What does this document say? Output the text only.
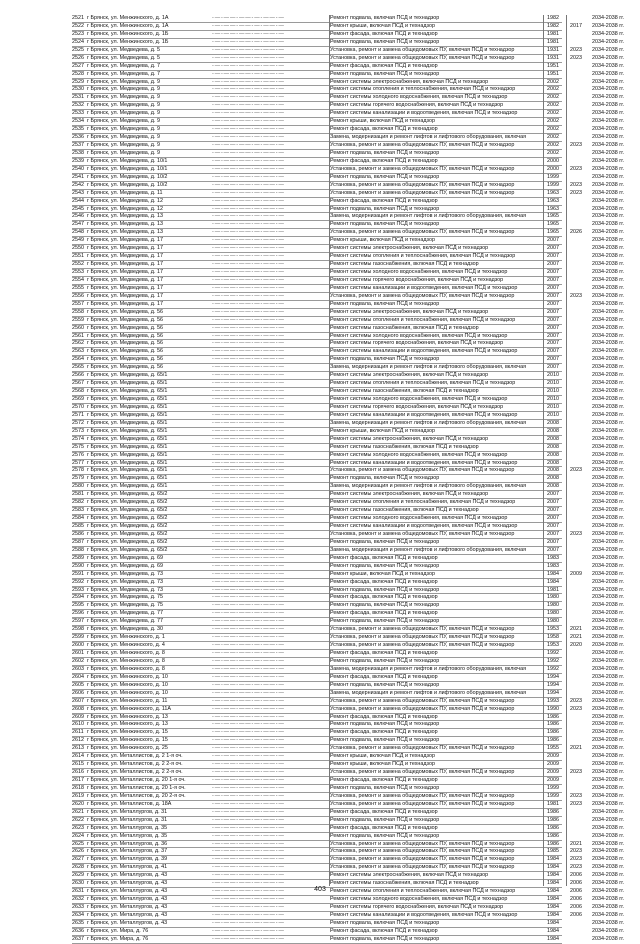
2521 г Брянск, ул. Менжинского, д. 1А	Ремонт подвала, включая ПСД и технадзор	1982	2034-2038 гг.
- — - — — - — — - — - — — - —
2522 г Брянск, ул. Менжинского, д. 1А	Ремонт крыши, включая ПСД и технадзор	1982	2017	2034-2038 гг.
- — - — — - — — - — - — — - —
2523 г Брянск, ул. Менжинского, д. 1Б	Ремонт фасада, включая ПСД и технадзор	1981	2034-2038 гг.
- — - — — - — — - — - — — - —
2524 г Брянск, ул. Менжинского, д. 1Б	Ремонт подвала, включая ПСД и технадзор	1981	2034-2038 гг.
- — - — — - — — - — - — — - —
2525 г Брянск, ул. Медведева, д. 5	Установка, ремонт и замена общедомовых ПУ, включая ПСД и технадзор	1931	2023	2034-2038 гг.
- — - — — - — — - — - — — - —
2526 г Брянск, ул. Медведева, д. 5	Установка, ремонт и замена общедомовых ПУ, включая ПСД и технадзор	1931	2023	2034-2038 гг.
- — - — — - — — - — - — — - —
2527 г Брянск, ул. Медведева, д. 7	Ремонт фасада, включая ПСД и технадзор	1951	2034-2038 гг.
- — - — — - — — - — - — — - —
2528 г Брянск, ул. Медведева, д. 7	Ремонт подвала, включая ПСД и технадзор	1951	2034-2038 гг.
- — - — — - — — - — - — — - —
2529 г Брянск, ул. Медведева, д. 9	Ремонт системы электроснабжения, включая ПСД и технадзор	2002	2034-2038 гг.
- — - — — - — — - — - — — - —
2530 г Брянск, ул. Медведева, д. 9	Ремонт системы отопления и теплоснабжения, включая ПСД и технадзор	2002	2034-2038 гг.
- — - — — - — — - — - — — - —
2531 г Брянск, ул. Медведева, д. 9	Ремонт системы холодного водоснабжения, включая ПСД и технадзор	2002	2034-2038 гг.
- — - — — - — — - — - — — - —
2532 г Брянск, ул. Медведева, д. 9	Ремонт системы горячего водоснабжения, включая ПСД и технадзор	2002	2034-2038 гг.
- — - — — - — — - — - — — - —
2533 г Брянск, ул. Медведева, д. 9	Ремонт системы канализации и водоотведения, включая ПСД и технадзор	2002	2034-2038 гг.
- — - — — - — — - — - — — - —
2534 г Брянск, ул. Медведева, д. 9	Ремонт крыши, включая ПСД и технадзор	2002	2034-2038 гг.
- — - — — - — — - — - — — - —
2535 г Брянск, ул. Медведева, д. 9	Ремонт фасада, включая ПСД и технадзор	2002	2034-2038 гг.
- — - — — - — — - — - — — - —
2536 г Брянск, ул. Медведева, д. 9	Замена, модернизация и ремонт лифтов и лифтового оборудования, включая	2002	2034-2038 гг.
- — - — — - — — - — - — — - —
2537 г Брянск, ул. Медведева, д. 9	Установка, ремонт и замена общедомовых ПУ, включая ПСД и технадзор	2002	2023	2034-2038 гг.
- — - — — - — — - — - — — - —
2538 г Брянск, ул. Медведева, д. 9	Ремонт подвала, включая ПСД и технадзор	2002	2034-2038 гг.
- — - — — - — — - — - — — - —
2539 г Брянск, ул. Медведева, д. 10/1	Ремонт фасада, включая ПСД и технадзор	2000	2034-2038 гг.
- — - — — - — — - — - — — - —
2540 г Брянск, ул. Медведева, д. 10/1	Установка, ремонт и замена общедомовых ПУ, включая ПСД и технадзор	2000	2023	2034-2038 гг.
- — - — — - — — - — - — — - —
2541 г Брянск, ул. Медведева, д. 10/2	Ремонт подвала, включая ПСД и технадзор	1999	2034-2038 гг.
- — - — — - — — - — - — — - —
2542 г Брянск, ул. Медведева, д. 10/2	Установка, ремонт и замена общедомовых ПУ, включая ПСД и технадзор	1999	2023	2034-2038 гг.
- — - — — - — — - — - — — - —
2543 г Брянск, ул. Медведева, д. 11	Установка, ремонт и замена общедомовых ПУ, включая ПСД и технадзор	1963	2023	2034-2038 гг.
- — - — — - — — - — - — — - —
2544 г Брянск, ул. Медведева, д. 12	Ремонт фасада, включая ПСД и технадзор	1963	2034-2038 гг.
- — - — — - — — - — - — — - —
2545 г Брянск, ул. Медведева, д. 12	Ремонт подвала, включая ПСД и технадзор	1963	2034-2038 гг.
- — - — — - — — - — - — — - —
2546 г Брянск, ул. Медведева, д. 13	Замена, модернизация и ремонт лифтов и лифтового оборудования, включая	1965	2034-2038 гг.
- — - — — - — — - — - — — - —
2547 г Брянск, ул. Медведева, д. 13	Ремонт подвала, включая ПСД и технадзор	1965	2034-2038 гг.
- — - — — - — — - — - — — - —
2548 г Брянск, ул. Медведева, д. 13	Установка, ремонт и замена общедомовых ПУ, включая ПСД и технадзор	1965	2026	2034-2038 гг.
- — - — — - — — - — - — — - —
2549 г Брянск, ул. Медведева, д. 17	Ремонт крыши, включая ПСД и технадзор	2007	2034-2038 гг.
- — - — — - — — - — - — — - —
2550 г Брянск, ул. Медведева, д. 17	Ремонт системы электроснабжения, включая ПСД и технадзор	2007	2034-2038 гг.
- — - — — - — — - — - — — - —
2551 г Брянск, ул. Медведева, д. 17	Ремонт системы отопления и теплоснабжения, включая ПСД и технадзор	2007	2034-2038 гг.
- — - — — - — — - — - — — - —
2552 г Брянск, ул. Медведева, д. 17	Ремонт системы газоснабжения, включая ПСД и технадзор	2007	2034-2038 гг.
- — - — — - — — - — - — — - —
2553 г Брянск, ул. Медведева, д. 17	Ремонт системы холодного водоснабжения, включая ПСД и технадзор	2007	2034-2038 гг.
- — - — — - — — - — - — — - —
2554 г Брянск, ул. Медведева, д. 17	Ремонт системы горячего водоснабжения, включая ПСД и технадзор	2007	2034-2038 гг.
- — - — — - — — - — - — — - —
2555 г Брянск, ул. Медведева, д. 17	Ремонт системы канализации и водоотведения, включая ПСД и технадзор	2007	2034-2038 гг.
- — - — — - — — - — - — — - —
2556 г Брянск, ул. Медведева, д. 17	Установка, ремонт и замена общедомовых ПУ, включая ПСД и технадзор	2007	2023	2034-2038 гг.
- — - — — - — — - — - — — - —
2557 г Брянск, ул. Медведева, д. 17	Ремонт подвала, включая ПСД и технадзор	2007	2034-2038 гг.
- — - — — - — — - — - — — - —
2558 г Брянск, ул. Медведева, д. 56	Ремонт системы электроснабжения, включая ПСД и технадзор	2007	2034-2038 гг.
- — - — — - — — - — - — — - —
2559 г Брянск, ул. Медведева, д. 56	Ремонт системы отопления и теплоснабжения, включая ПСД и технадзор	2007	2034-2038 гг.
- — - — — - — — - — - — — - —
2560 г Брянск, ул. Медведева, д. 56	Ремонт системы газоснабжения, включая ПСД и технадзор	2007	2034-2038 гг.
- — - — — - — — - — - — — - —
2561 г Брянск, ул. Медведева, д. 56	Ремонт системы холодного водоснабжения, включая ПСД и технадзор	2007	2034-2038 гг.
- — - — — - — — - — - — — - —
2562 г Брянск, ул. Медведева, д. 56	Ремонт системы горячего водоснабжения, включая ПСД и технадзор	2007	2034-2038 гг.
- — - — — - — — - — - — — - —
2563 г Брянск, ул. Медведева, д. 56	Ремонт системы канализации и водоотведения, включая ПСД и технадзор	2007	2034-2038 гг.
- — - — — - — — - — - — — - —
2564 г Брянск, ул. Медведева, д. 56	Ремонт подвала, включая ПСД и технадзор	2007	2034-2038 гг.
- — - — — - — — - — - — — - —
2565 г Брянск, ул. Медведева, д. 56	Замена, модернизация и ремонт лифтов и лифтового оборудования, включая	2007	2034-2038 гг.
- — - — — - — — - — - — — - —
2566 г Брянск, ул. Медведева, д. 65/1	Ремонт системы электроснабжения, включая ПСД и технадзор	2010	2034-2038 гг.
- — - — — - — — - — - — — - —
2567 г Брянск, ул. Медведева, д. 65/1	Ремонт системы отопления и теплоснабжения, включая ПСД и технадзор	2010	2034-2038 гг.
- — - — — - — — - — - — — - —
2568 г Брянск, ул. Медведева, д. 65/1	Ремонт системы газоснабжения, включая ПСД и технадзор	2010	2034-2038 гг.
- — - — — - — — - — - — — - —
2569 г Брянск, ул. Медведева, д. 65/1	Ремонт системы холодного водоснабжения, включая ПСД и технадзор	2010	2034-2038 гг.
- — - — — - — — - — - — — - —
2570 г Брянск, ул. Медведева, д. 65/1	Ремонт системы горячего водоснабжения, включая ПСД и технадзор	2010	2034-2038 гг.
- — - — — - — — - — - — — - —
2571 г Брянск, ул. Медведева, д. 65/1	Ремонт системы канализации и водоотведения, включая ПСД и технадзор	2010	2034-2038 гг.
- — - — — - — — - — - — — - —
2572 г Брянск, ул. Медведева, д. 65/1	Замена, модернизация и ремонт лифтов и лифтового оборудования, включая	2008	2034-2038 гг.
- — - — — - — — - — - — — - —
2573 г Брянск, ул. Медведева, д. 65/1	Ремонт крыши, включая ПСД и технадзор	2008	2034-2038 гг.
- — - — — - — — - — - — — - —
2574 г Брянск, ул. Медведева, д. 65/1	Ремонт системы электроснабжения, включая ПСД и технадзор	2008	2034-2038 гг.
- — - — — - — — - — - — — - —
2575 г Брянск, ул. Медведева, д. 65/1	Ремонт системы газоснабжения, включая ПСД и технадзор	2008	2034-2038 гг.
- — - — — - — — - — - — — - —
2576 г Брянск, ул. Медведева, д. 65/1	Ремонт системы холодного водоснабжения, включая ПСД и технадзор	2008	2034-2038 гг.
- — - — — - — — - — - — — - —
2577 г Брянск, ул. Медведева, д. 65/1	Ремонт системы канализации и водоотведения, включая ПСД и технадзор	2008	2034-2038 гг.
- — - — — - — — - — - — — - —
2578 г Брянск, ул. Медведева, д. 65/1	Установка, ремонт и замена общедомовых ПУ, включая ПСД и технадзор	2008	2023	2034-2038 гг.
- — - — — - — — - — - — — - —
2579 г Брянск, ул. Медведева, д. 65/1	Ремонт подвала, включая ПСД и технадзор	2008	2034-2038 гг.
- — - — — - — — - — - — — - —
2580 г Брянск, ул. Медведева, д. 65/1	Замена, модернизация и ремонт лифтов и лифтового оборудования, включая	2008	2034-2038 гг.
- — - — — - — — - — - — — - —
2581 г Брянск, ул. Медведева, д. 65/2	Ремонт системы электроснабжения, включая ПСД и технадзор	2007	2034-2038 гг.
- — - — — - — — - — - — — - —
2582 г Брянск, ул. Медведева, д. 65/2	Ремонт системы отопления и теплоснабжения, включая ПСД и технадзор	2007	2034-2038 гг.
- — - — — - — — - — - — — - —
2583 г Брянск, ул. Медведева, д. 65/2	Ремонт системы газоснабжения, включая ПСД и технадзор	2007	2034-2038 гг.
- — - — — - — — - — - — — - —
2584 г Брянск, ул. Медведева, д. 65/2	Ремонт системы холодного водоснабжения, включая ПСД и технадзор	2007	2034-2038 гг.
- — - — — - — — - — - — — - —
2585 г Брянск, ул. Медведева, д. 65/2	Ремонт системы канализации и водоотведения, включая ПСД и технадзор	2007	2034-2038 гг.
- — - — — - — — - — - — — - —
2586 г Брянск, ул. Медведева, д. 65/2	Установка, ремонт и замена общедомовых ПУ, включая ПСД и технадзор	2007	2023	2034-2038 гг.
- — - — — - — — - — - — — - —
2587 г Брянск, ул. Медведева, д. 65/2	Ремонт подвала, включая ПСД и технадзор	2007	2034-2038 гг.
- — - — — - — — - — - — — - —
2588 г Брянск, ул. Медведева, д. 65/2	Замена, модернизация и ремонт лифтов и лифтового оборудования, включая	2007	2034-2038 гг.
- — - — — - — — - — - — — - —
2589 г Брянск, ул. Медведева, д. 69	Ремонт фасада, включая ПСД и технадзор	1983	2034-2038 гг.
- — - — — - — — - — - — — - —
2590 г Брянск, ул. Медведева, д. 69	Ремонт подвала, включая ПСД и технадзор	1983	2034-2038 гг.
- — - — — - — — - — - — — - —
2591 г Брянск, ул. Медведева, д. 73	Ремонт крыши, включая ПСД и технадзор	1984	2009	2034-2038 гг.
- — - — — - — — - — - — — - —
2592 г Брянск, ул. Медведева, д. 73	Ремонт фасада, включая ПСД и технадзор	1984	2034-2038 гг.
- — - — — - — — - — - — — - —
2593 г Брянск, ул. Медведева, д. 73	Ремонт подвала, включая ПСД и технадзор	1981	2034-2038 гг.
- — - — — - — — - — - — — - —
2594 г Брянск, ул. Медведева, д. 75	Ремонт фасада, включая ПСД и технадзор	1980	2034-2038 гг.
- — - — — - — — - — - — — - —
2595 г Брянск, ул. Медведева, д. 75	Ремонт подвала, включая ПСД и технадзор	1980	2034-2038 гг.
- — - — — - — — - — - — — - —
2596 г Брянск, ул. Медведева, д. 77	Ремонт фасада, включая ПСД и технадзор	1980	2034-2038 гг.
- — - — — - — — - — - — — - —
2597 г Брянск, ул. Медведева, д. 77	Ремонт подвала, включая ПСД и технадзор	1980	2034-2038 гг.
- — - — — - — — - — - — — - —
2598 г Брянск, ул. Медведева, д. 30	Установка, ремонт и замена общедомовых ПУ, включая ПСД и технадзор	1953	2021	2034-2038 гг.
- — - — — - — — - — - — — - —
2599 г Брянск, ул. Менжинского, д. 1	Установка, ремонт и замена общедомовых ПУ, включая ПСД и технадзор	1958	2021	2034-2038 гг.
- — - — — - — — - — - — — - —
2600 г Брянск, ул. Менжинского, д. 4	Установка, ремонт и замена общедомовых ПУ, включая ПСД и технадзор	1953	2020	2034-2038 гг.
- — - — — - — — - — - — — - —
2601 г Брянск, ул. Менжинского, д. 8	Ремонт фасада, включая ПСД и технадзор	1992	2034-2038 гг.
- — - — — - — — - — - — — - —
2602 г Брянск, ул. Менжинского, д. 8	Ремонт подвала, включая ПСД и технадзор	1992	2034-2038 гг.
- — - — — - — — - — - — — - —
2603 г Брянск, ул. Менжинского, д. 8	Замена, модернизация и ремонт лифтов и лифтового оборудования, включая	1992	2034-2038 гг.
- — - — — - — — - — - — — - —
2604 г Брянск, ул. Менжинского, д. 10	Ремонт фасада, включая ПСД и технадзор	1994	2034-2038 гг.
- — - — — - — — - — - — — - —
2605 г Брянск, ул. Менжинского, д. 10	Ремонт подвала, включая ПСД и технадзор	1994	2034-2038 гг.
- — - — — - — — - — - — — - —
2606 г Брянск, ул. Менжинского, д. 10	Замена, модернизация и ремонт лифтов и лифтового оборудования, включая	1994	2034-2038 гг.
- — - — — - — — - — - — — - —
2607 г Брянск, ул. Менжинского, д. 11	Установка, ремонт и замена общедомовых ПУ, включая ПСД и технадзор	1993	2023	2034-2038 гг.
- — - — — - — — - — - — — - —
2608 г Брянск, ул. Менжинского, д. 11А	Установка, ремонт и замена общедомовых ПУ, включая ПСД и технадзор	1990	2023	2034-2038 гг.
- — - — — - — — - — - — — - —
2609 г Брянск, ул. Менжинского, д. 13	Ремонт фасада, включая ПСД и технадзор	1986	2034-2038 гг.
- — - — — - — — - — - — — - —
2610 г Брянск, ул. Менжинского, д. 13	Ремонт подвала, включая ПСД и технадзор	1986	2034-2038 гг.
- — - — — - — — - — - — — - —
2611 г Брянск, ул. Менжинского, д. 15	Ремонт фасада, включая ПСД и технадзор	1986	2034-2038 гг.
- — - — — - — — - — - — — - —
2612 г Брянск, ул. Менжинского, д. 15	Ремонт подвала, включая ПСД и технадзор	1986	2034-2038 гг.
- — - — — - — — - — - — — - —
2613 г Брянск, ул. Менжинского, д. 25	Установка, ремонт и замена общедомовых ПУ, включая ПСД и технадзор	1955	2021	2034-2038 гг.
- — - — — - — — - — - — — - —
2614 г Брянск, ул. Металлистов, д. 2 1-я оч.	Ремонт крыши, включая ПСД и технадзор	2009	2034-2038 гг.
- — - — — - — — - — - — — - —
2615 г Брянск, ул. Металлистов, д. 2 2-я оч.	Ремонт крыши, включая ПСД и технадзор	2009	2034-2038 гг.
- — - — — - — — - — - — — - —
2616 г Брянск, ул. Металлистов, д. 2 2-я оч.	Установка, ремонт и замена общедомовых ПУ, включая ПСД и технадзор	2009	2023	2034-2038 гг.
- — - — — - — — - — - — — - —
2617 г Брянск, ул. Металлистов, д. 20 1-я оч.	Ремонт фасада, включая ПСД и технадзор	2009	2034-2038 гг.
- — - — — - — — - — - — — - —
2618 г Брянск, ул. Металлистов, д. 20 1-я оч.	Ремонт подвала, включая ПСД и технадзор	1999	2034-2038 гг.
- — - — — - — — - — - — — - —
2619 г Брянск, ул. Металлистов, д. 20 2-я оч.	Установка, ремонт и замена общедомовых ПУ, включая ПСД и технадзор	1999	2023	2034-2038 гг.
- — - — — - — — - — - — — - —
2620 г Брянск, ул. Металлистов, д. 18А	Установка, ремонт и замена общедомовых ПУ, включая ПСД и технадзор	1981	2023	2034-2038 гг.
- — - — — - — — - — - — — - —
2621 г Брянск, ул. Металлургов, д. 31	Ремонт фасада, включая ПСД и технадзор	1986	2034-2038 гг.
- — - — — - — — - — - — — - —
2622 г Брянск, ул. Металлургов, д. 31	Ремонт подвала, включая ПСД и технадзор	1986	2034-2038 гг.
- — - — — - — — - — - — — - —
2623 г Брянск, ул. Металлургов, д. 35	Ремонт фасада, включая ПСД и технадзор	1986	2034-2038 гг.
- — - — — - — — - — - — — - —
2624 г Брянск, ул. Металлургов, д. 35	Ремонт подвала, включая ПСД и технадзор	1986	2034-2038 гг.
- — - — — - — — - — - — — - —
2625 г Брянск, ул. Металлургов, д. 36	Установка, ремонт и замена общедомовых ПУ, включая ПСД и технадзор	1986	2021	2034-2038 гг.
- — - — — - — — - — - — — - —
2626 г Брянск, ул. Металлургов, д. 37	Установка, ремонт и замена общедомовых ПУ, включая ПСД и технадзор	1985	2023	2034-2038 гг.
- — - — — - — — - — - — — - —
2627 г Брянск, ул. Металлургов, д. 39	Установка, ремонт и замена общедомовых ПУ, включая ПСД и технадзор	1984	2023	2034-2038 гг.
- — - — — - — — - — - — — - —
2628 г Брянск, ул. Металлургов, д. 41	Установка, ремонт и замена общедомовых ПУ, включая ПСД и технадзор	1984	2023	2034-2038 гг.
- — - — — - — — - — - — — - —
2629 г Брянск, ул. Металлургов, д. 43	Ремонт системы электроснабжения, включая ПСД и технадзор	1984	2006	2034-2038 гг.
- — - — — - — — - — - — — - —
2630 г Брянск, ул. Металлургов, д. 43	Ремонт системы газоснабжения, включая ПСД и технадзор	1984	2006	2034-2038 гг.
- — - — — - — — - — - — — - —
2631 г Брянск, ул. Металлургов, д. 43	Ремонт системы отопления и теплоснабжения, включая ПСД и технадзор	1984	2006	2034-2038 гг.
- — - — — - — — - — - — — - —
2632 г Брянск, ул. Металлургов, д. 43	Ремонт системы холодного водоснабжения, включая ПСД и технадзор	1984	2006	2034-2038 гг.
- — - — — - — — - — - — — - —
2633 г Брянск, ул. Металлургов, д. 43	Ремонт системы горячего водоснабжения, включая ПСД и технадзор	1984	2006	2034-2038 гг.
- — - — — - — — - — - — — - —
2634 г Брянск, ул. Металлургов, д. 43	Ремонт системы канализации и водоотведения, включая ПСД и технадзор	1984	2006	2034-2038 гг.
- — - — — - — — - — - — — - —
2635 г Брянск, ул. Металлургов, д. 43	Ремонт подвала, включая ПСД и технадзор	1984	2034-2038 гг.
- — - — — - — — - — - — — - —
2636 г Брянск, ул. Мира, д. 76	Ремонт фасада, включая ПСД и технадзор	1984	2034-2038 гг.
- — - — — - — — - — - — — - —
2637 г Брянск, ул. Мира, д. 76	Ремонт подвала, включая ПСД и технадзор	1984	2034-2038 гг.
- — - — — - — — - — - — — - —
403
